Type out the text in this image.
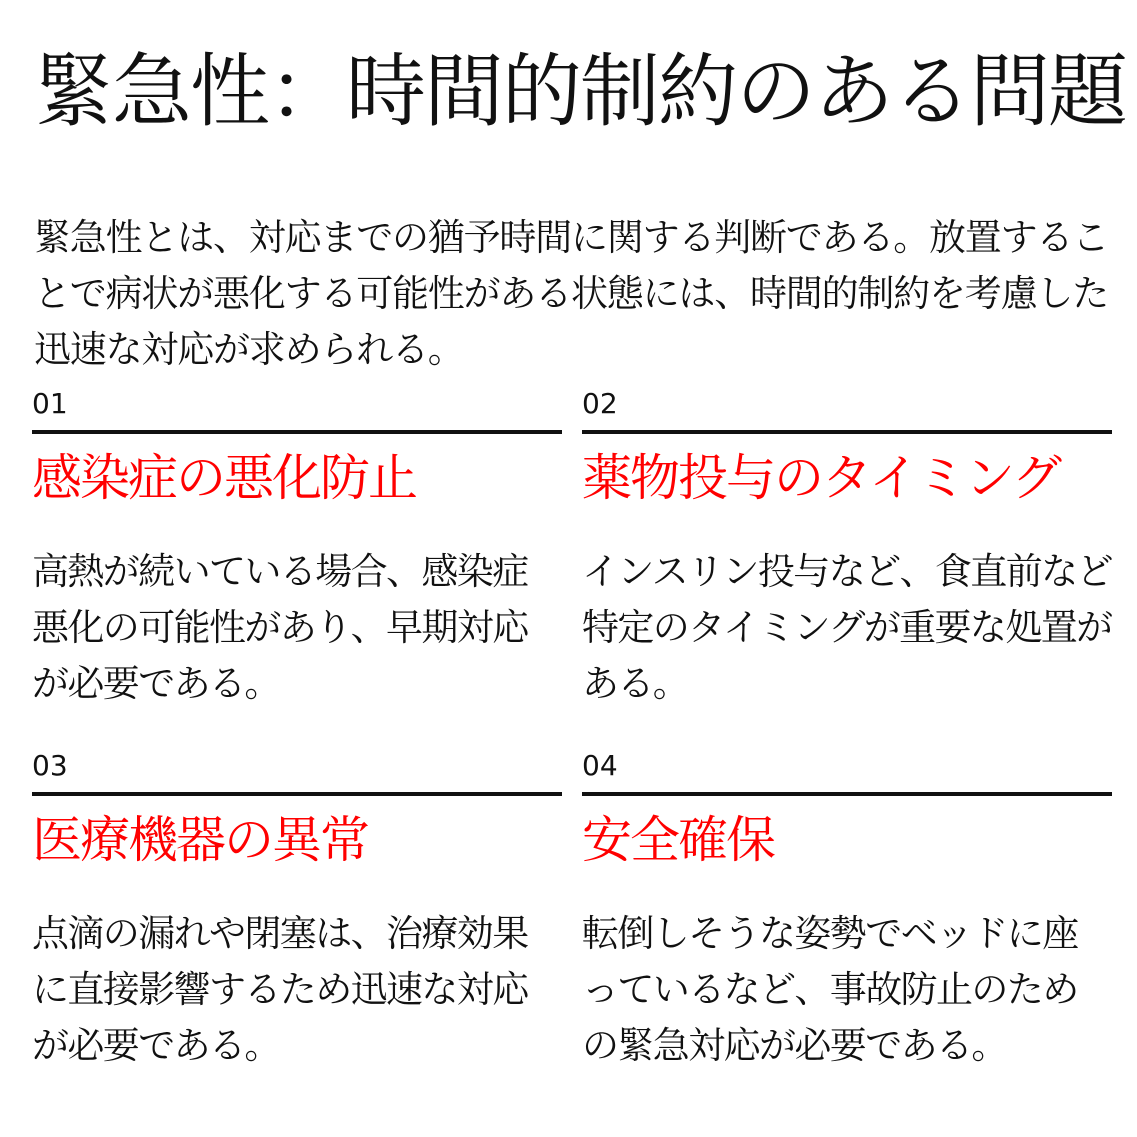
緊急性：時間的制約のある問題

緊急性とは、対応までの猶予時間に関する判断である。放置することで病状が悪化する可能性がある状態には、時間的制約を考慮した迅速な対応が求められる。

01
感染症の悪化防止

高熱が続いている場合、感染症悪化の可能性があり、早期対応が必要である。

02
薬物投与のタイミング

インスリン投与など、食直前など特定のタイミングが重要な処置がある。

03
医療機器の異常

点滴の漏れや閉塞は、治療効果に直接影響するため迅速な対応が必要である。

04
安全確保

転倒しそうな姿勢でベッドに座っているなど、事故防止のための緊急対応が必要である。
